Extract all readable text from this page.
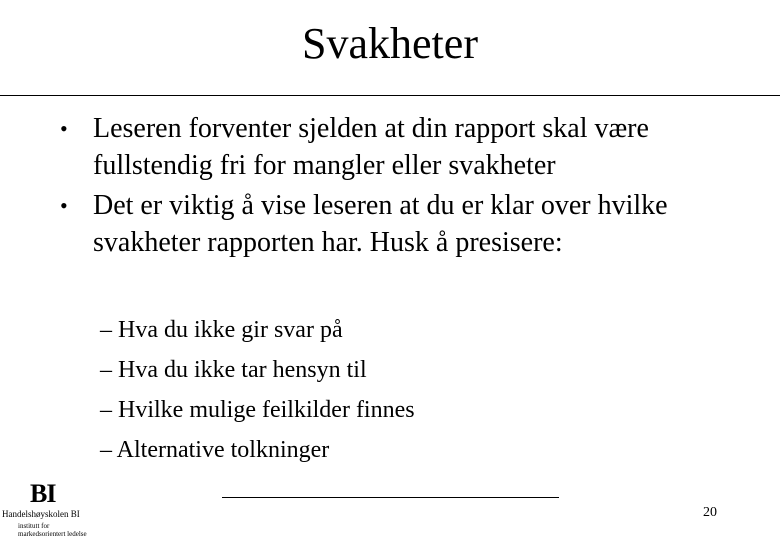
Svakheter
• Leseren forventer sjelden at din rapport skal være fullstendig fri for mangler eller svakheter
• Det er viktig å vise leseren at du er klar over hvilke svakheter rapporten har. Husk å presisere:
– Hva du ikke gir svar på
– Hva du ikke tar hensyn til
– Hvilke mulige feilkilder finnes
– Alternative tolkninger
20
BI
Handelshøyskolen BI
institutt for
markedsorientert ledelse
